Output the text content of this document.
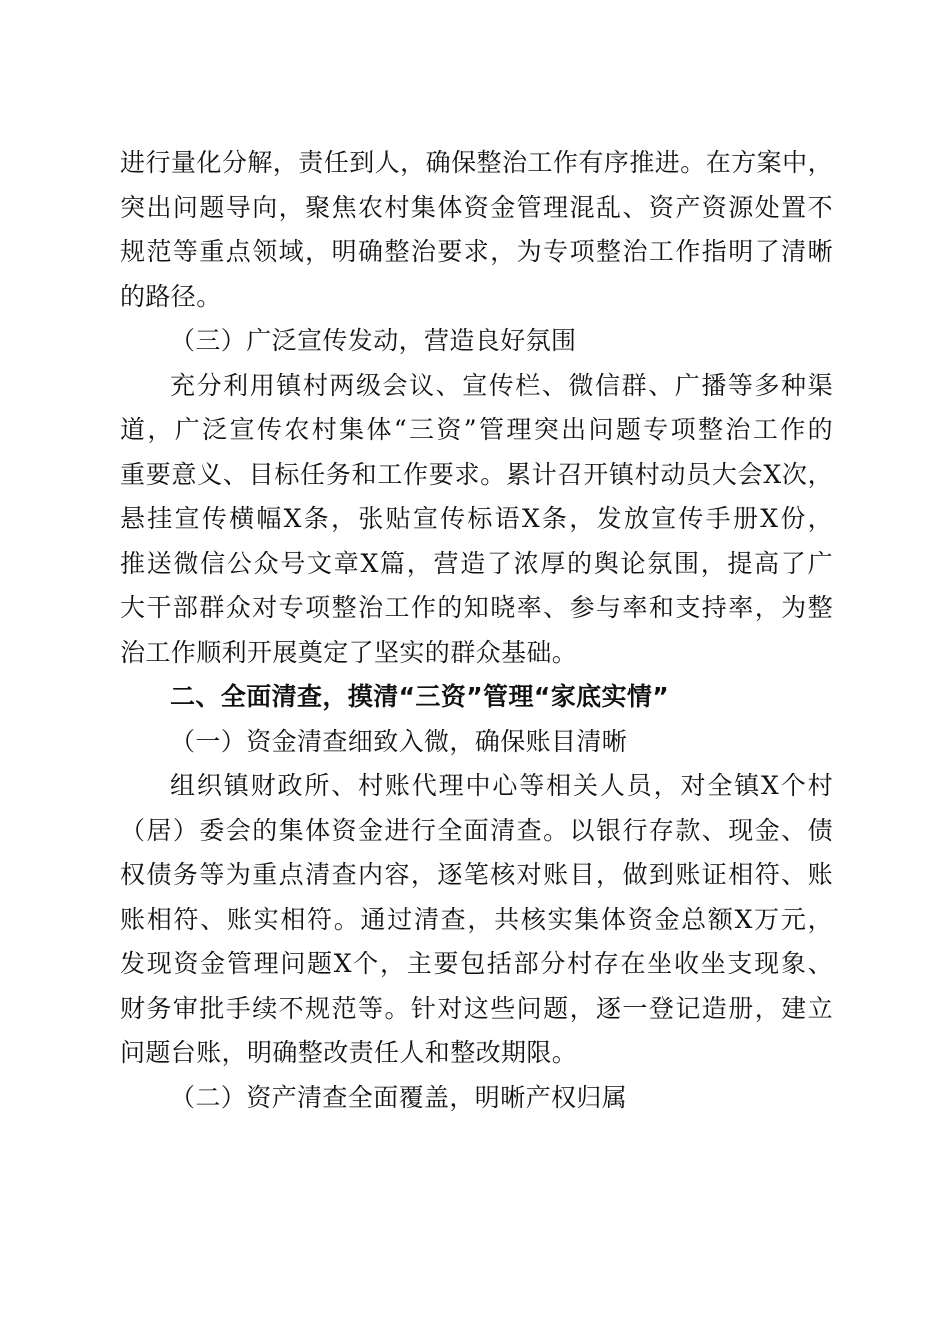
进行量化分解，责任到人，确保整治工作有序推进。在方案中，
突出问题导向，聚焦农村集体资金管理混乱、资产资源处置不
规范等重点领域，明确整治要求，为专项整治工作指明了清晰
的路径。
（三）广泛宣传发动，营造良好氛围
充分利用镇村两级会议、宣传栏、微信群、广播等多种渠
道，广泛宣传农村集体“三资”管理突出问题专项整治工作的
重要意义、目标任务和工作要求。累计召开镇村动员大会X次，
悬挂宣传横幅X条，张贴宣传标语X条，发放宣传手册X份，
推送微信公众号文章X篇，营造了浓厚的舆论氛围，提高了广
大干部群众对专项整治工作的知晓率、参与率和支持率，为整
治工作顺利开展奠定了坚实的群众基础。
二、全面清查，摸清“三资”管理“家底实情”
（一）资金清查细致入微，确保账目清晰
组织镇财政所、村账代理中心等相关人员，对全镇X个村
（居）委会的集体资金进行全面清查。以银行存款、现金、债
权债务等为重点清查内容，逐笔核对账目，做到账证相符、账
账相符、账实相符。通过清查，共核实集体资金总额X万元，
发现资金管理问题X个，主要包括部分村存在坐收坐支现象、
财务审批手续不规范等。针对这些问题，逐一登记造册，建立
问题台账，明确整改责任人和整改期限。
（二）资产清查全面覆盖，明晰产权归属
